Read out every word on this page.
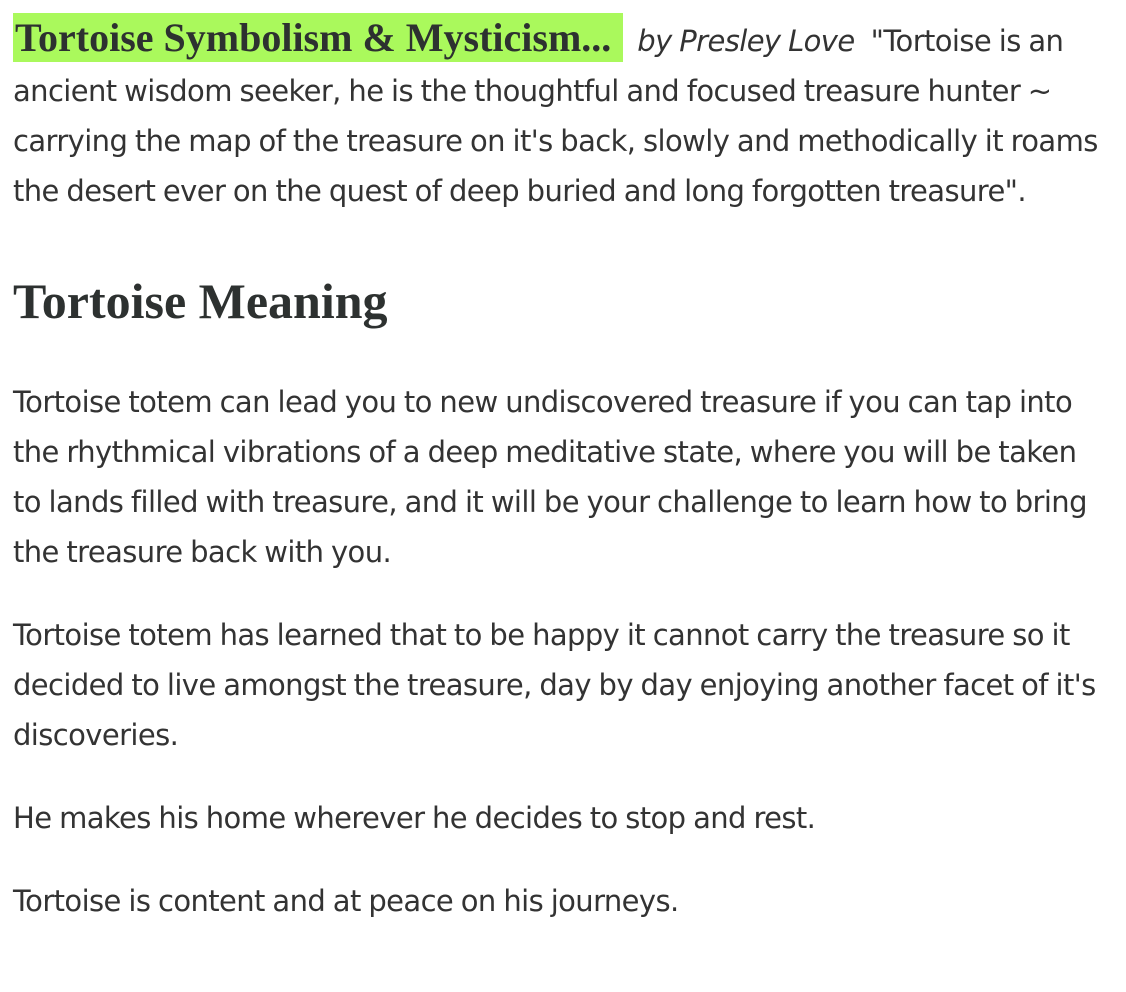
Tortoise Symbolism & Mysticism... by Presley Love "Tortoise is an ancient wisdom seeker, he is the thoughtful and focused treasure hunter ~ carrying the map of the treasure on it's back, slowly and methodically it roams the desert ever on the quest of deep buried and long forgotten treasure".

Tortoise Meaning

Tortoise totem can lead you to new undiscovered treasure if you can tap into the rhythmical vibrations of a deep meditative state, where you will be taken to lands filled with treasure, and it will be your challenge to learn how to bring the treasure back with you.

Tortoise totem has learned that to be happy it cannot carry the treasure so it decided to live amongst the treasure, day by day enjoying another facet of it's discoveries.

He makes his home wherever he decides to stop and rest.

Tortoise is content and at peace on his journeys.
